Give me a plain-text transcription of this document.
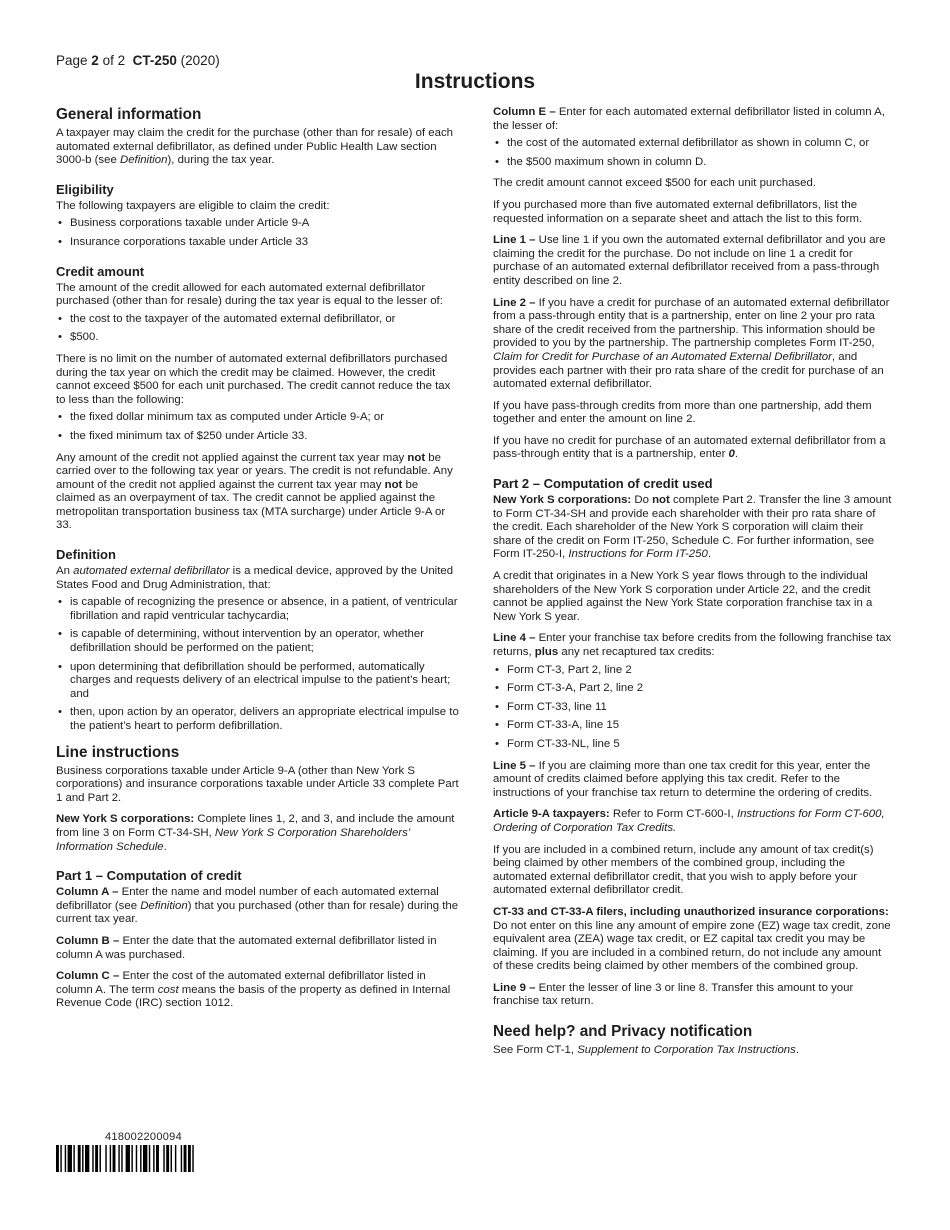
Page 2 of 2 CT-250 (2020)
Instructions
General information

A taxpayer may claim the credit for the purchase (other than for resale) of each automated external defibrillator, as defined under Public Health Law section 3000-b (see Definition), during the tax year.

Eligibility

The following taxpayers are eligible to claim the credit:

• Business corporations taxable under Article 9-A
• Insurance corporations taxable under Article 33
Credit amount

The amount of the credit allowed for each automated external defibrillator purchased (other than for resale) during the tax year is equal to the lesser of:

• the cost to the taxpayer of the automated external defibrillator, or
• $500.

There is no limit on the number of automated external defibrillators purchased during the tax year on which the credit may be claimed. However, the credit cannot exceed $500 for each unit purchased. The credit cannot reduce the tax to less than the following:

• the fixed dollar minimum tax as computed under Article 9-A; or
• the fixed minimum tax of $250 under Article 33.

Any amount of the credit not applied against the current tax year may not be carried over to the following tax year or years. The credit is not refundable. Any amount of the credit not applied against the current tax year may not be claimed as an overpayment of tax. The credit cannot be applied against the metropolitan transportation business tax (MTA surcharge) under Article 9-A or 33.

Definition

An automated external defibrillator is a medical device, approved by the United States Food and Drug Administration, that:

• is capable of recognizing the presence or absence, in a patient, of ventricular fibrillation and rapid ventricular tachycardia;
• is capable of determining, without intervention by an operator, whether defibrillation should be performed on the patient;
• upon determining that defibrillation should be performed, automatically charges and requests delivery of an electrical impulse to the patient’s heart; and
• then, upon action by an operator, delivers an appropriate electrical impulse to the patient’s heart to perform defibrillation.
Line instructions

Business corporations taxable under Article 9-A (other than New York S corporations) and insurance corporations taxable under Article 33 complete Part 1 and Part 2.

New York S corporations: Complete lines 1, 2, and 3, and include the amount from line 3 on Form CT-34-SH, New York S Corporation Shareholders’ Information Schedule.

Part 1 – Computation of credit

Column A – Enter the name and model number of each automated external defibrillator (see Definition) that you purchased (other than for resale) during the current tax year.

Column B – Enter the date that the automated external defibrillator listed in column A was purchased.

Column C – Enter the cost of the automated external defibrillator listed in column A. The term cost means the basis of the property as defined in Internal Revenue Code (IRC) section 1012.

Column E – Enter for each automated external defibrillator listed in column A, the lesser of:

• the cost of the automated external defibrillator as shown in column C, or
• the $500 maximum shown in column D.

The credit amount cannot exceed $500 for each unit purchased.

If you purchased more than five automated external defibrillators, list the requested information on a separate sheet and attach the list to this form.

Line 1 – Use line 1 if you own the automated external defibrillator and you are claiming the credit for the purchase. Do not include on line 1 a credit for purchase of an automated external defibrillator received from a pass-through entity described on line 2.

Line 2 – If you have a credit for purchase of an automated external defibrillator from a pass-through entity that is a partnership, enter on line 2 your pro rata share of the credit received from the partnership. This information should be provided to you by the partnership. The partnership completes Form IT-250, Claim for Credit for Purchase of an Automated External Defibrillator, and provides each partner with their pro rata share of the credit for purchase of an automated external defibrillator.

If you have pass-through credits from more than one partnership, add them together and enter the amount on line 2.

If you have no credit for purchase of an automated external defibrillator from a pass-through entity that is a partnership, enter 0.

Part 2 – Computation of credit used

New York S corporations: Do not complete Part 2. Transfer the line 3 amount to Form CT-34-SH and provide each shareholder with their pro rata share of the credit. Each shareholder of the New York S corporation will claim their share of the credit on Form IT-250, Schedule C. For further information, see Form IT-250-I, Instructions for Form IT-250.

A credit that originates in a New York S year flows through to the individual shareholders of the New York S corporation under Article 22, and the credit cannot be applied against the New York State corporation franchise tax in a New York S year.

Line 4 – Enter your franchise tax before credits from the following franchise tax returns, plus any net recaptured tax credits:

• Form CT-3, Part 2, line 2
• Form CT-3-A, Part 2, line 2
• Form CT-33, line 11
• Form CT-33-A, line 15
• Form CT-33-NL, line 5

Line 5 – If you are claiming more than one tax credit for this year, enter the amount of credits claimed before applying this tax credit. Refer to the instructions of your franchise tax return to determine the ordering of credits.

Article 9-A taxpayers: Refer to Form CT-600-I, Instructions for Form CT-600, Ordering of Corporation Tax Credits.

If you are included in a combined return, include any amount of tax credit(s) being claimed by other members of the combined group, including the automated external defibrillator credit, that you wish to apply before your automated external defibrillator credit.

CT-33 and CT-33-A filers, including unauthorized insurance corporations: Do not enter on this line any amount of empire zone (EZ) wage tax credit, zone equivalent area (ZEA) wage tax credit, or EZ capital tax credit you may be claiming. If you are included in a combined return, do not include any amount of these credits being claimed by other members of the combined group.

Line 9 – Enter the lesser of line 3 or line 8. Transfer this amount to your franchise tax return.

Need help? and Privacy notification

See Form CT-1, Supplement to Corporation Tax Instructions.

418002200094
